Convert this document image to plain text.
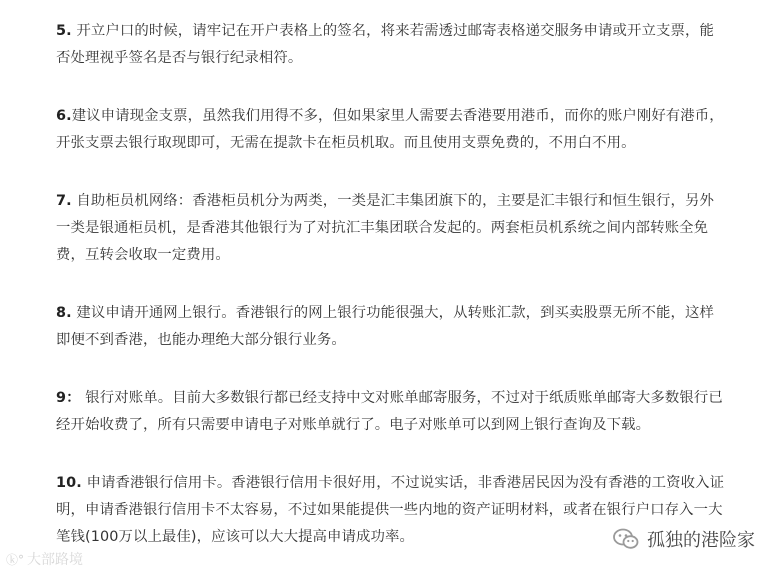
5. 开立户口的时候，请牢记在开户表格上的签名，将来若需透过邮寄表格递交服务申请或开立支票，能否处理视乎签名是否与银行纪录相符。

6.建议申请现金支票，虽然我们用得不多，但如果家里人需要去香港要用港币，而你的账户刚好有港币，开张支票去银行取现即可，无需在提款卡在柜员机取。而且使用支票免费的，不用白不用。

7. 自助柜员机网络：香港柜员机分为两类，一类是汇丰集团旗下的，主要是汇丰银行和恒生银行，另外一类是银通柜员机，是香港其他银行为了对抗汇丰集团联合发起的。两套柜员机系统之间内部转账全免费，互转会收取一定费用。

8. 建议申请开通网上银行。香港银行的网上银行功能很强大，从转账汇款，到买卖股票无所不能，这样即便不到香港，也能办理绝大部分银行业务。

9： 银行对账单。目前大多数银行都已经支持中文对账单邮寄服务，不过对于纸质账单邮寄大多数银行已经开始收费了，所有只需要申请电子对账单就行了。电子对账单可以到网上银行查询及下载。

10. 申请香港银行信用卡。香港银行信用卡很好用，不过说实话，非香港居民因为没有香港的工资收入证明，申请香港银行信用卡不太容易，不过如果能提供一些内地的资产证明材料，或者在银行户口存入一大笔钱(100万以上最佳)，应该可以大大提高申请成功率。

ⓚ° 大部路境
孤独的港险家
